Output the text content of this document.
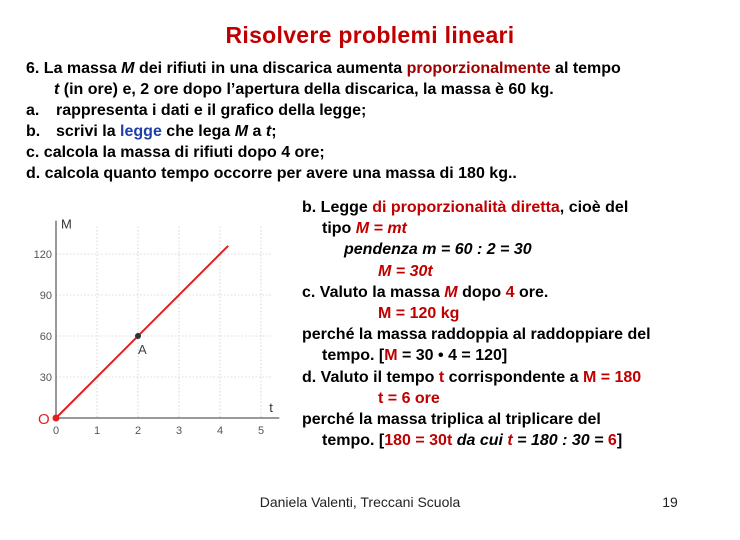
Risolvere problemi lineari
6. La massa M dei rifiuti in una discarica aumenta proporzionalmente al tempo
t (in ore) e, 2 ore dopo l’apertura della discarica, la massa è 60 kg.
a. rappresenta i dati e il grafico della legge;
b. scrivi la legge che lega M a t;
c. calcola la massa di rifiuti dopo 4 ore;
d. calcola quanto tempo occorre per avere una massa di 180 kg..
t
M
0	1	2	3	4	5
30
60
90
120
O
A
b. Legge di proporzionalità diretta, cioè del
tipo M = mt
pendenza m = 60 : 2 = 30
M = 30t
c. Valuto la massa M dopo 4 ore.
M = 120 kg
perché la massa raddoppia al raddoppiare del
tempo. [M = 30 • 4 = 120]
d. Valuto il tempo t corrispondente a M = 180
t = 6 ore
perché la massa triplica al triplicare del
tempo. [180 = 30t da cui t = 180 : 30 = 6]
Daniela Valenti, Treccani Scuola	19
